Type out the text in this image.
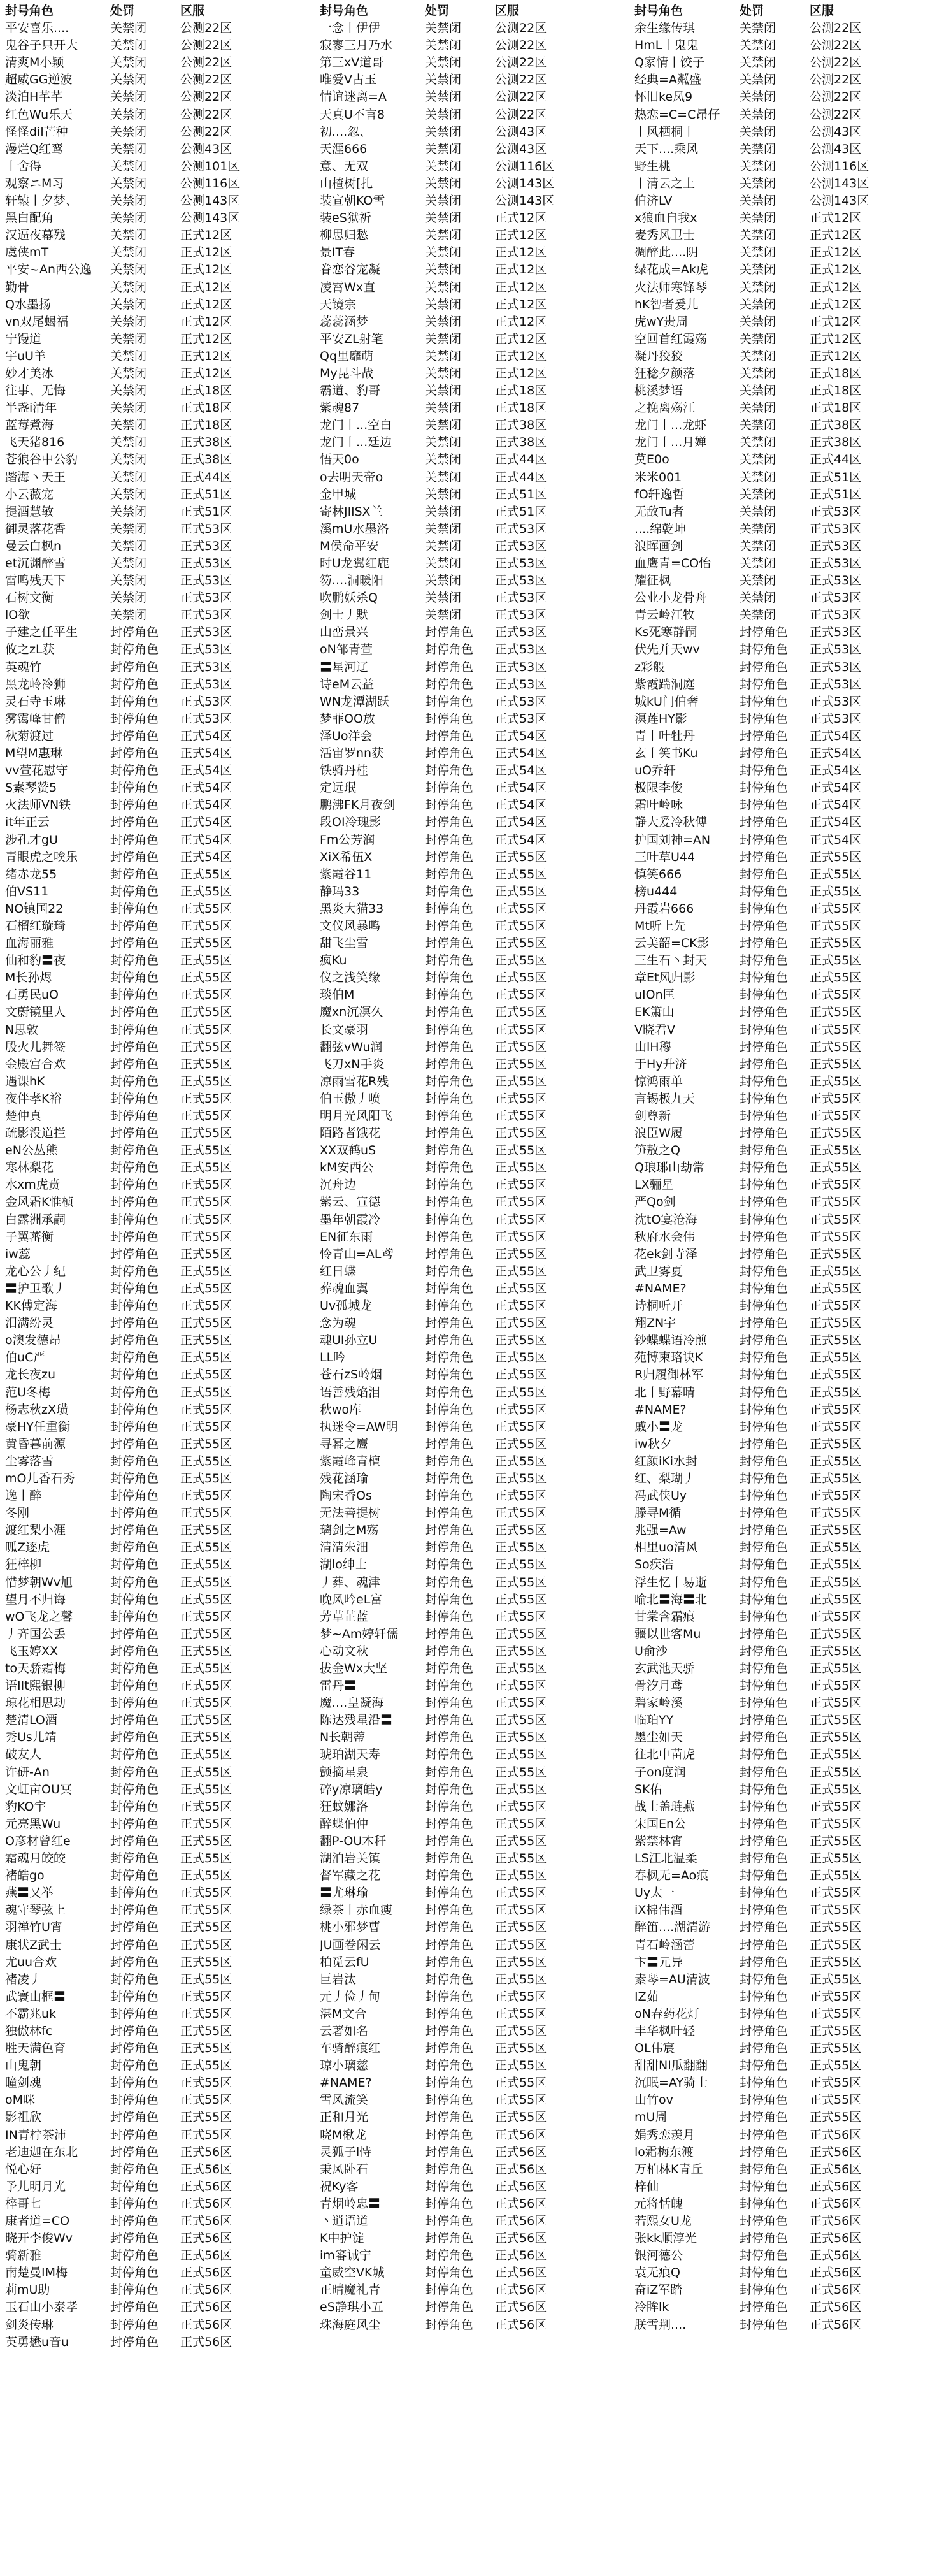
封号角色	处罚	区服
平安喜乐....	关禁闭	公测22区
鬼谷子只开大	关禁闭	公测22区
清爽M小颖	关禁闭	公测22区
超威GG逆波	关禁闭	公测22区
淡泊H芊芊	关禁闭	公测22区
红色Wu乐天	关禁闭	公测22区
怪怪dil芒种	关禁闭	公测22区
漫烂Q红鸾	关禁闭	公测43区
丨舍得	关禁闭	公测101区
观察ニM习	关禁闭	公测116区
轩辕丨夕梦、	关禁闭	公测143区
黑白配角	关禁闭	公测143区
汉逼夜幕残	关禁闭	正式12区
虞侠mT	关禁闭	正式12区
平安~An西公逸	关禁闭	正式12区
勤骨	关禁闭	正式12区
Q水墨扬	关禁闭	正式12区
vn双尾蝎福	关禁闭	正式12区
宁馒道	关禁闭	正式12区
宇uU羊	关禁闭	正式12区
妙才美冰	关禁闭	正式12区
往事、无悔	关禁闭	正式18区
半盏i清年	关禁闭	正式18区
蓝莓煮海	关禁闭	正式18区
飞天猪816	关禁闭	正式38区
苍狼谷中公豹	关禁闭	正式38区
踏海丶天王	关禁闭	正式44区
小云薇宠	关禁闭	正式51区
提酒慧敏	关禁闭	正式51区
御灵落花香	关禁闭	正式53区
曼云白枫n	关禁闭	正式53区
et沉渊醉雪	关禁闭	正式53区
雷鸣残天下	关禁闭	正式53区
石树文衡	关禁闭	正式53区
lO欲	关禁闭	正式53区
子建之任平生	封停角色	正式53区
攸之zL获	封停角色	正式53区
英魂竹	封停角色	正式53区
黑龙岭冷狮	封停角色	正式53区
灵石寺玉琳	封停角色	正式53区
雾霭峰甘僧	封停角色	正式53区
秋菊渡过	封停角色	正式54区
M望M惠琳	封停角色	正式54区
vv萱花慰守	封停角色	正式54区
S素琴赞5	封停角色	正式54区
火法师VN铁	封停角色	正式54区
it年正云	封停角色	正式54区
涉孔才gU	封停角色	正式54区
青眼虎之唉乐	封停角色	正式54区
绪赤龙55	封停角色	正式55区
伯VS11	封停角色	正式55区
NO镇国22	封停角色	正式55区
石榴红璇琦	封停角色	正式55区
血海丽雅	封停角色	正式55区
仙和豹〓夜	封停角色	正式55区
M长孙烬	封停角色	正式55区
石勇民uO	封停角色	正式55区
文蔚镜里人	封停角色	正式55区
N思敦	封停角色	正式55区
殷火儿舞签	封停角色	正式55区
金殿宫合欢	封停角色	正式55区
遇课hK	封停角色	正式55区
夜伴孝K裕	封停角色	正式55区
楚仲真	封停角色	正式55区
疏影没道拦	封停角色	正式55区
eN公丛熊	封停角色	正式55区
寒林梨花	封停角色	正式55区
水xm虎贲	封停角色	正式55区
金风霜K惟桢	封停角色	正式55区
白露洲承嗣	封停角色	正式55区
子翼蕃衡	封停角色	正式55区
iw蕊	封停角色	正式55区
龙心公丿纪	封停角色	正式55区
〓护卫歌丿	封停角色	正式55区
KK傅定海	封停角色	正式55区
汨满纷灵	封停角色	正式55区
o澳发德昂	封停角色	正式55区
伯uC严	封停角色	正式55区
龙长夜zu	封停角色	正式55区
范U冬梅	封停角色	正式55区
杨志秋zX璜	封停角色	正式55区
豪HY任重衡	封停角色	正式55区
黄昏暮前源	封停角色	正式55区
尘雾落雪	封停角色	正式55区
mO儿香石秀	封停角色	正式55区
逸丨醉	封停角色	正式55区
冬刚	封停角色	正式55区
渡红梨小涯	封停角色	正式55区
呱Z逐虎	封停角色	正式55区
狂梓柳	封停角色	正式55区
惜梦朝Wv旭	封停角色	正式55区
望月不归诲	封停角色	正式55区
wO飞龙之馨	封停角色	正式55区
丿齐国公丢	封停角色	正式55区
飞玉婷XX	封停角色	正式55区
to天骄霜梅	封停角色	正式55区
语IIt熙银柳	封停角色	正式55区
琼花相思劫	封停角色	正式55区
楚清LO酒	封停角色	正式55区
秀Us儿靖	封停角色	正式55区
破友人	封停角色	正式55区
许研-An	封停角色	正式55区
文虹亩OU冥	封停角色	正式55区
豹KO宇	封停角色	正式55区
元亮黑Wu	封停角色	正式55区
O彦材曾红e	封停角色	正式55区
霜魂月皎皎	封停角色	正式55区
褚皓go	封停角色	正式55区
燕〓又举	封停角色	正式55区
魂守琴弦上	封停角色	正式55区
羽禅竹U宵	封停角色	正式55区
康状Z武士	封停角色	正式55区
尤uu合欢	封停角色	正式55区
褚凌丿	封停角色	正式55区
武寰山框〓	封停角色	正式55区
不霸兆uk	封停角色	正式55区
独傲林fc	封停角色	正式55区
胜天满色育	封停角色	正式55区
山鬼朝	封停角色	正式55区
瞳剑魂	封停角色	正式55区
oM咪	封停角色	正式55区
影祖欣	封停角色	正式55区
IN青柠茶沛	封停角色	正式55区
老迪迦在东北	封停角色	正式56区
悦心好	封停角色	正式56区
予儿明月光	封停角色	正式56区
梓哥七	封停角色	正式56区
康者道=CO	封停角色	正式56区
晓开李俊Wv	封停角色	正式56区
骑新雅	封停角色	正式56区
南楚曼IM梅	封停角色	正式56区
莉mU助	封停角色	正式56区
玉石山小泰孝	封停角色	正式56区
剑炎传琳	封停角色	正式56区
英勇懋u音u	封停角色	正式56区
封号角色	处罚	区服
一念丨伊伊	关禁闭	公测22区
寂寥三月乃水	关禁闭	公测22区
第三xV道哥	关禁闭	公测22区
唯爱V古玉	关禁闭	公测22区
情谊迷离=A	关禁闭	公测22区
天真U不言8	关禁闭	公测22区
初....忽、	关禁闭	公测43区
天涯666	关禁闭	公测43区
意、无双	关禁闭	公测116区
山楂树[扎	关禁闭	公测143区
装宣朝KO雪	关禁闭	公测143区
装eS狱祈	关禁闭	正式12区
柳思归愁	关禁闭	正式12区
景IT春	关禁闭	正式12区
眷恋谷宠凝	关禁闭	正式12区
凌霄Wx直	关禁闭	正式12区
天镜宗	关禁闭	正式12区
蕊蕊涵梦	关禁闭	正式12区
平安ZL射笔	关禁闭	正式12区
Qq里靡萌	关禁闭	正式12区
My昆斗战	关禁闭	正式12区
霸道、豹哥	关禁闭	正式18区
紫魂87	关禁闭	正式18区
龙门丨...空白	关禁闭	正式38区
龙门丨...廷边	关禁闭	正式38区
悟天0o	关禁闭	正式44区
o去明天帝o	关禁闭	正式44区
金甲城	关禁闭	正式51区
寄林JIlSX兰	关禁闭	正式51区
溪mU水墨洛	关禁闭	正式53区
M侯命平安	关禁闭	正式53区
时U龙翼红鹿	关禁闭	正式53区
笏....洞暖阳	关禁闭	正式53区
吹鹏妖杀Q	关禁闭	正式53区
剑士丿默	关禁闭	正式53区
山峦景兴	封停角色	正式53区
oN邹青萱	封停角色	正式53区
〓星河辽	封停角色	正式53区
诗eM云益	封停角色	正式53区
WN龙潭湖跃	封停角色	正式53区
梦菲OO放	封停角色	正式53区
泽Uo洋会	封停角色	正式54区
活宙罗nn获	封停角色	正式54区
铁骑丹桂	封停角色	正式54区
定远珉	封停角色	正式54区
鹏沸FK月夜剑	封停角色	正式54区
段OI冷瑰影	封停角色	正式54区
Fm公芳润	封停角色	正式54区
XiX希伍X	封停角色	正式55区
紫霞谷11	封停角色	正式55区
静玛33	封停角色	正式55区
黑炎大猫33	封停角色	正式55区
文仪风暴鸣	封停角色	正式55区
甜飞尘雪	封停角色	正式55区
疯Ku	封停角色	正式55区
仪之浅笑缘	封停角色	正式55区
琰伯M	封停角色	正式55区
魔xn沉溟久	封停角色	正式55区
长文豪羽	封停角色	正式55区
翻弦vWu润	封停角色	正式55区
飞刀xN手炎	封停角色	正式55区
凉雨雪花R残	封停角色	正式55区
伯玉傲丿喷	封停角色	正式55区
明月光风阳飞	封停角色	正式55区
陌路者饿花	封停角色	正式55区
XX双鹤uS	封停角色	正式55区
kM安西公	封停角色	正式55区
沉舟边	封停角色	正式55区
紫云、宣德	封停角色	正式55区
墨年朝霞冷	封停角色	正式55区
EN征东雨	封停角色	正式55区
怜青山=AL鸢	封停角色	正式55区
红日蝶	封停角色	正式55区
葬魂血翼	封停角色	正式55区
Uv孤城龙	封停角色	正式55区
念为魂	封停角色	正式55区
魂UI孙立U	封停角色	正式55区
LL吟	封停角色	正式55区
苍石zS岭烟	封停角色	正式55区
语善残焰泪	封停角色	正式55区
秋wo库	封停角色	正式55区
执迷令=AW明	封停角色	正式55区
寻幂之鹰	封停角色	正式55区
紫霞峰青檀	封停角色	正式55区
残花涵瑜	封停角色	正式55区
陶宋香Os	封停角色	正式55区
无法善提树	封停角色	正式55区
璃剑之M殇	封停角色	正式55区
清清朱沺	封停角色	正式55区
湖lo绅士	封停角色	正式55区
丿葬、魂津	封停角色	正式55区
晚风吟eL富	封停角色	正式55区
芳草芷蓝	封停角色	正式55区
梦~Am婷轩儒	封停角色	正式55区
心动文秋	封停角色	正式55区
拔金Wx大坚	封停角色	正式55区
雷丹〓	封停角色	正式55区
魔....皇凝海	封停角色	正式55区
陈达残星沿〓	封停角色	正式55区
N长朝蒂	封停角色	正式55区
琥珀湖天寿	封停角色	正式55区
颤摘星泉	封停角色	正式55区
碎y凉璃皓y	封停角色	正式55区
狂蚊娜洛	封停角色	正式55区
醉蝶伯仲	封停角色	正式55区
翻P-OU木秆	封停角色	正式55区
湖泊岩关镇	封停角色	正式55区
督军藏之花	封停角色	正式55区
〓尤琳瑜	封停角色	正式55区
绿茶丨赤血瘦	封停角色	正式55区
桃小邪梦曹	封停角色	正式55区
JU画卷闲云	封停角色	正式55区
柏觅云fU	封停角色	正式55区
巨岩汰	封停角色	正式55区
元丿俭丿甸	封停角色	正式55区
湛M文合	封停角色	正式55区
云著如名	封停角色	正式55区
车骑醉痕红	封停角色	正式55区
琼小璃慈	封停角色	正式55区
#NAME?	封停角色	正式55区
雪风流笑	封停角色	正式55区
正和月光	封停角色	正式55区
哓M楸龙	封停角色	正式56区
灵狐子l恃	封停角色	正式56区
秉风卧石	封停角色	正式56区
祝Ky客	封停角色	正式56区
青烟岭忠〓	封停角色	正式56区
丶逍语道	封停角色	正式56区
K中护淀	封停角色	正式56区
im審诫宁	封停角色	正式56区
童威空VK城	封停角色	正式56区
正晴魔礼青	封停角色	正式56区
eS静琪小五	封停角色	正式56区
珠海庭风尘	封停角色	正式56区
封号角色	处罚	区服
余生缘传琪	关禁闭	公测22区
HmL丨鬼鬼	关禁闭	公测22区
Q家情丨饺子	关禁闭	公测22区
经典=A粼盛	关禁闭	公测22区
怀旧ke凤9	关禁闭	公测22区
热恋=C=C昂仔	关禁闭	公测22区
丨风栖桐丨	关禁闭	公测43区
天下....乘风	关禁闭	公测43区
野生桃	关禁闭	公测116区
丨清云之上	关禁闭	公测143区
伯济LV	关禁闭	公测143区
x狼血自我x	关禁闭	正式12区
麦秀风卫士	关禁闭	正式12区
凋醉此....阴	关禁闭	正式12区
绿花成=Ak虎	关禁闭	正式12区
火法师寒锋琴	关禁闭	正式12区
hK智者爰儿	关禁闭	正式12区
虎wY贵周	关禁闭	正式12区
空回首红霞殇	关禁闭	正式12区
凝丹狡狡	关禁闭	正式12区
狂稔夕颜落	关禁闭	正式18区
桃溪梦语	关禁闭	正式18区
之挽离殇江	关禁闭	正式18区
龙门丨...龙虾	关禁闭	正式38区
龙门丨...月婵	关禁闭	正式38区
莫E0o	关禁闭	正式44区
米米001	关禁闭	正式51区
fO轩逸哲	关禁闭	正式51区
无敌Tu者	关禁闭	正式53区
....绵乾坤	关禁闭	正式53区
浪晖画剑	关禁闭	正式53区
血鹰青=CO怡	关禁闭	正式53区
耀征枫	关禁闭	正式53区
公业小龙骨舟	关禁闭	正式53区
青云岭江牧	关禁闭	正式53区
Ks死寒静嗣	封停角色	正式53区
伏先并天wv	封停角色	正式53区
z彩般	封停角色	正式53区
紫霞踹洞庭	封停角色	正式53区
城kU门伯奢	封停角色	正式53区
溟莲HY影	封停角色	正式53区
青丨叶牡丹	封停角色	正式54区
玄丨笑书Ku	封停角色	正式54区
uO乔轩	封停角色	正式54区
极限李俊	封停角色	正式54区
霜叶岭咏	封停角色	正式54区
静大爰冷秋傅	封停角色	正式54区
护国刘神=AN	封停角色	正式54区
三叶草U44	封停角色	正式55区
慎笑666	封停角色	正式55区
榜u444	封停角色	正式55区
丹霞岩666	封停角色	正式55区
Mt听上先	封停角色	正式55区
云美韶=CK影	封停角色	正式55区
三生石丶封天	封停角色	正式55区
章Et风归影	封停角色	正式55区
uIOn匡	封停角色	正式55区
EK箫山	封停角色	正式55区
V晓君V	封停角色	正式55区
山lH穆	封停角色	正式55区
于Hy升济	封停角色	正式55区
惊鸿雨单	封停角色	正式55区
言锡极九天	封停角色	正式55区
剑尊新	封停角色	正式55区
浪臣W履	封停角色	正式55区
笋敖之Q	封停角色	正式55区
Q琅琊山劫常	封停角色	正式55区
LX骊星	封停角色	正式55区
严Qo剑	封停角色	正式55区
沈tO宴沧海	封停角色	正式55区
秋府水会伟	封停角色	正式55区
花ek剑寺泽	封停角色	正式55区
武卫雾夏	封停角色	正式55区
#NAME?	封停角色	正式55区
诗桐听开	封停角色	正式55区
翔ZN宇	封停角色	正式55区
钞蝶蝶语冷煎	封停角色	正式55区
苑博柬珞诀K	封停角色	正式55区
R归履御林军	封停角色	正式55区
北丨野幕晴	封停角色	正式55区
#NAME?	封停角色	正式55区
戚小〓龙	封停角色	正式55区
iw秋夕	封停角色	正式55区
红颜iKi水封	封停角色	正式55区
红、梨瑚丿	封停角色	正式55区
冯武侠Uy	封停角色	正式55区
滕寻M循	封停角色	正式55区
兆强=Aw	封停角色	正式55区
相里uo清风	封停角色	正式55区
So疾浩	封停角色	正式55区
浮生忆丨易逝	封停角色	正式55区
喻北〓海〓北	封停角色	正式55区
甘棠含霜痕	封停角色	正式55区
疆以世客Mu	封停角色	正式55区
U俞沙	封停角色	正式55区
玄武池天骄	封停角色	正式55区
骨汐月鸢	封停角色	正式55区
碧家岭溪	封停角色	正式55区
临珀YY	封停角色	正式55区
墨尘如天	封停角色	正式55区
往北中苗虎	封停角色	正式55区
子on度润	封停角色	正式55区
SK佑	封停角色	正式55区
战士盖琏燕	封停角色	正式55区
宋国En公	封停角色	正式55区
紫禁林宵	封停角色	正式55区
LS江北温柔	封停角色	正式55区
春枫无=Ao痕	封停角色	正式55区
Uy太一	封停角色	正式55区
iX棉伟酒	封停角色	正式55区
醉笛....湖清游	封停角色	正式55区
青石岭涵蕾	封停角色	正式55区
卞〓元异	封停角色	正式55区
素琴=AU清波	封停角色	正式55区
IZ茹	封停角色	正式55区
oN春药花灯	封停角色	正式55区
丰华枫叶轻	封停角色	正式55区
OL伟宸	封停角色	正式55区
甜甜NI瓜翻翻	封停角色	正式55区
沉眠=AY骑士	封停角色	正式55区
山竹ov	封停角色	正式55区
mU周	封停角色	正式55区
娟秀恋羡月	封停角色	正式56区
lo霜梅东渡	封停角色	正式56区
万柏林K青丘	封停角色	正式56区
梓仙	封停角色	正式56区
元将恬魄	封停角色	正式56区
若熙女U龙	封停角色	正式56区
张kk顺淳光	封停角色	正式56区
银河德公	封停角色	正式56区
袁无痕Q	封停角色	正式56区
奋iZ军踏	封停角色	正式56区
冷眸lk	封停角色	正式56区
朕雪荆....	封停角色	正式56区
